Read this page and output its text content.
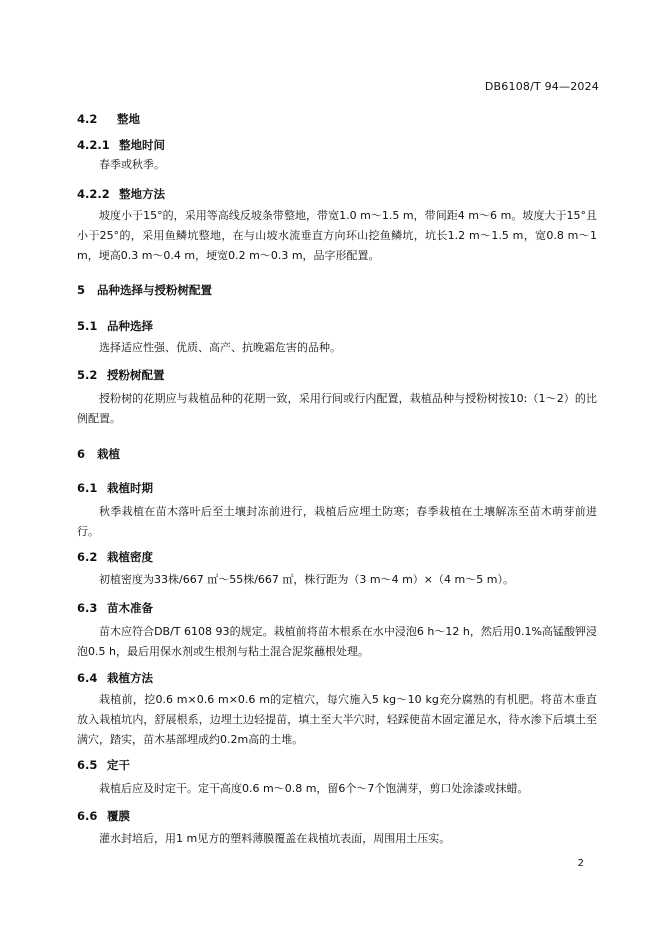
DB6108/T 94—2024
4.2 整地
4.2.1 整地时间
春季或秋季。
4.2.2 整地方法
坡度小于15°的，采用等高线反坡条带整地，带宽1.0 m～1.5 m，带间距4 m～6 m。坡度大于15°且小于25°的，采用鱼鳞坑整地，在与山坡水流垂直方向环山挖鱼鳞坑，坑长1.2 m～1.5 m，宽0.8 m～1 m，埂高0.3 m～0.4 m，埂宽0.2 m～0.3 m，品字形配置。
5 品种选择与授粉树配置
5.1 品种选择
选择适应性强、优质、高产、抗晚霜危害的品种。
5.2 授粉树配置
授粉树的花期应与栽植品种的花期一致，采用行间或行内配置，栽植品种与授粉树按10:（1～2）的比例配置。
6 栽植
6.1 栽植时期
秋季栽植在苗木落叶后至土壤封冻前进行，栽植后应埋土防寒；春季栽植在土壤解冻至苗木萌芽前进行。
6.2 栽植密度
初植密度为33株/667 ㎡～55株/667 ㎡，株行距为（3 m～4 m）×（4 m～5 m）。
6.3 苗木准备
苗木应符合DB/T 6108 93的规定。栽植前将苗木根系在水中浸泡6 h～12 h，然后用0.1%高锰酸钾浸泡0.5 h，最后用保水剂或生根剂与粘土混合泥浆蘸根处理。
6.4 栽植方法
栽植前，挖0.6 m×0.6 m×0.6 m的定植穴，每穴施入5 kg～10 kg充分腐熟的有机肥。将苗木垂直放入栽植坑内，舒展根系，边埋土边轻提苗，填土至大半穴时，轻踩使苗木固定灌足水，待水渗下后填土至满穴，踏实，苗木基部埋成约0.2m高的土堆。
6.5 定干
栽植后应及时定干。定干高度0.6 m～0.8 m，留6个～7个饱满芽，剪口处涂漆或抹蜡。
6.6 覆膜
灌水封培后，用1 m见方的塑料薄膜覆盖在栽植坑表面，周围用土压实。
2
